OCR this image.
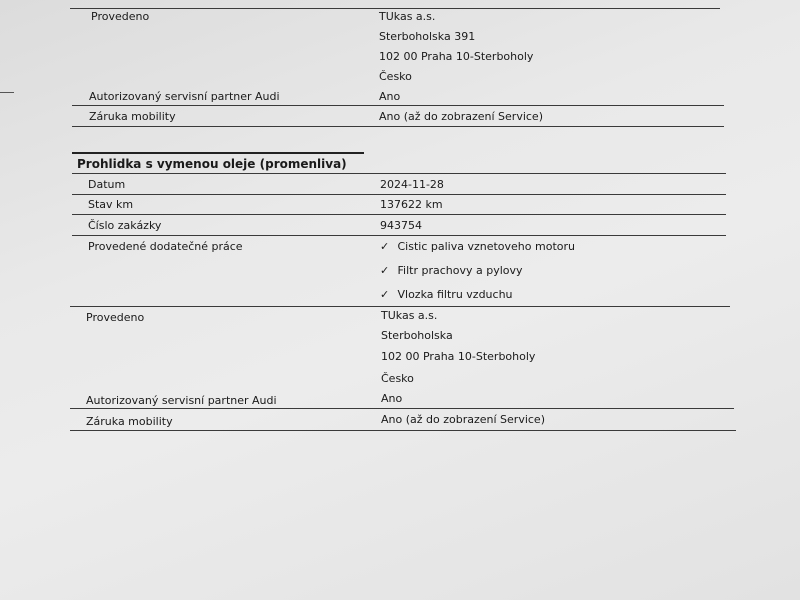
Provedeno	TUkas a.s.
Sterboholska 391
102 00 Praha 10-Sterboholy
Česko
Autorizovaný servisní partner Audi	Ano
Záruka mobility	Ano (až do zobrazení Service)
Prohlidka s vymenou oleje (promenliva)
Datum	2024-11-28
Stav km	137622 km
Číslo zakázky	943754
Provedené dodatečné práce	✓ Cistic paliva vznetoveho motoru
✓ Filtr prachovy a pylovy
✓ Vlozka filtru vzduchu
Provedeno	TUkas a.s.
Sterboholska
102 00 Praha 10-Sterboholy
Česko
Autorizovaný servisní partner Audi	Ano
Záruka mobility	Ano (až do zobrazení Service)
